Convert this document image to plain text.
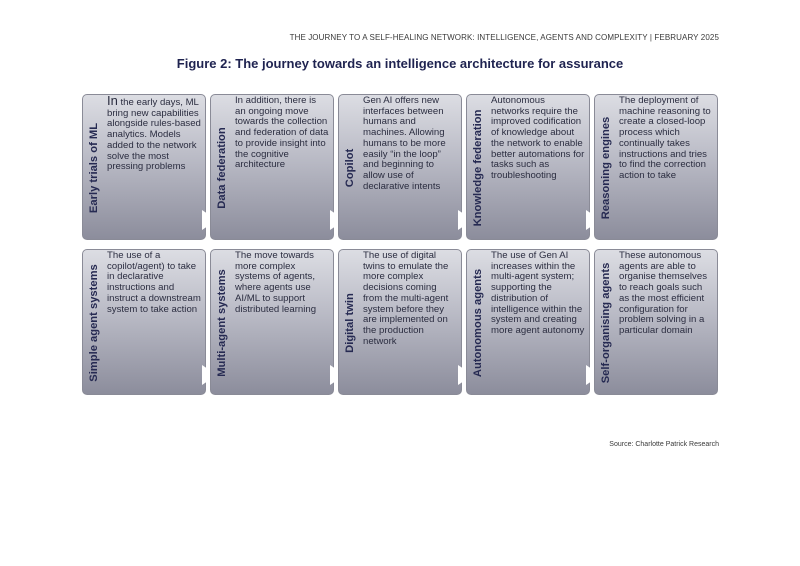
THE JOURNEY TO A SELF-HEALING NETWORK: INTELLIGENCE, AGENTS AND COMPLEXITY | FEBRUARY 2025
Figure 2: The journey towards an intelligence architecture for assurance
Early trials of ML
In the early days, ML bring new capabilities alongside rules-based analytics. Models added to the network solve the most pressing problems	Data federation
In addition, there is an ongoing move towards the collection and federation of data to provide insight into the cognitive architecture	Copilot
Gen AI offers new interfaces between humans and machines. Allowing humans to be more easily “in the loop” and beginning to allow use of declarative intents	Knowledge federation
Autonomous networks require the improved codification of knowledge about the network to enable better automations for tasks such as troubleshooting	Reasoning engines
The deployment of machine reasoning to create a closed-loop process which continually takes instructions and tries to find the correction action to take
Simple agent systems
The use of a copilot/agent) to take in declarative instructions and instruct a downstream system to take action	Multi-agent systems
The move towards more complex systems of agents, where agents use AI/ML to support distributed learning	Digital twin
The use of digital twins to emulate the more complex decisions coming from the multi-agent system before they are implemented on the production network	Autonomous agents
The use of Gen AI increases within the multi-agent system; supporting the distribution of intelligence within the system and creating more agent autonomy Self-organising agents
These autonomous agents are able to organise themselves to reach goals such as the most efficient configuration for problem solving in a particular domain
Source: Charlotte Patrick Research
